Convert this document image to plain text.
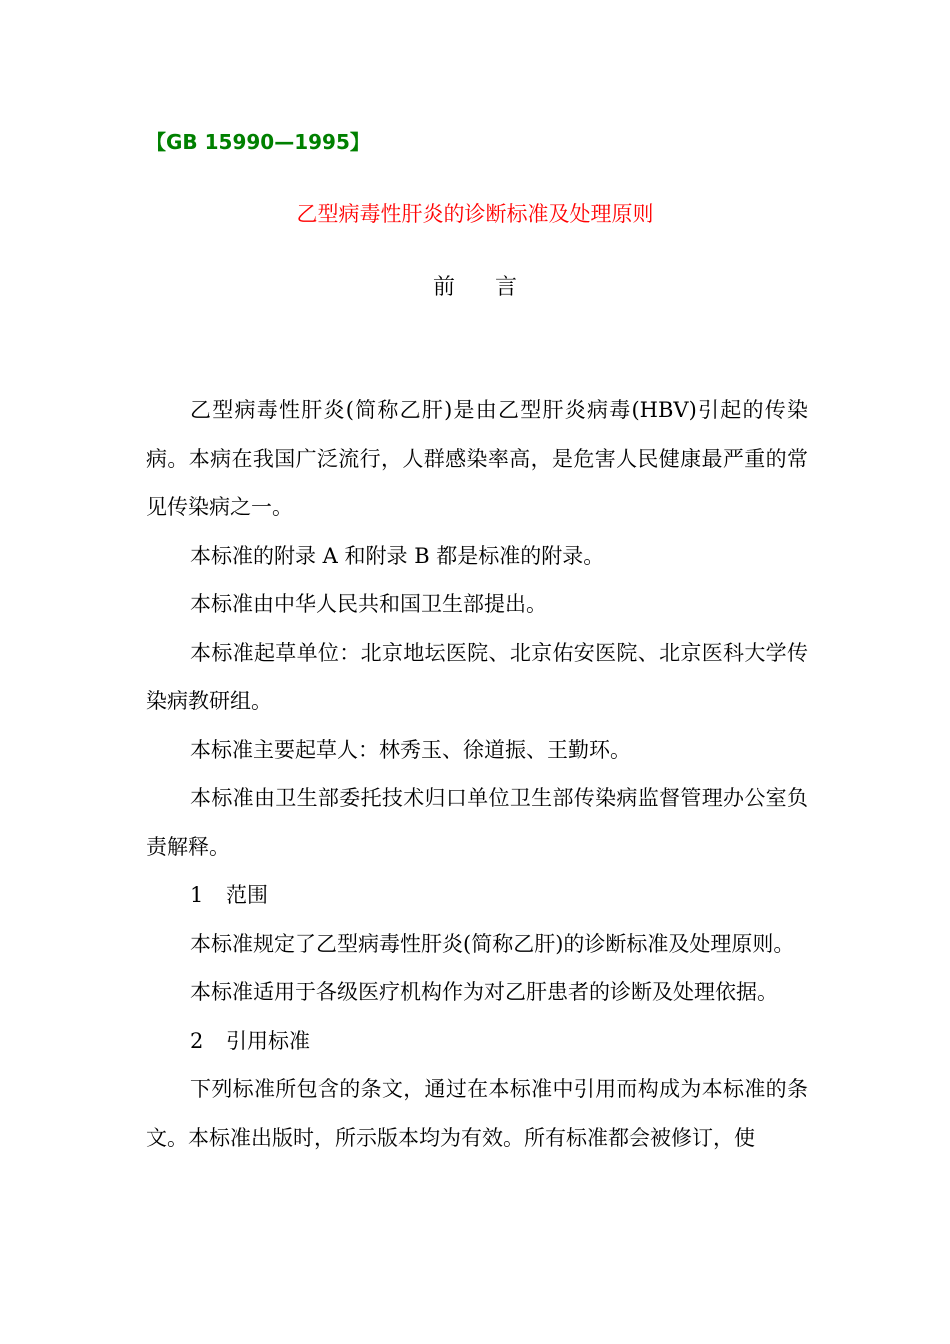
【GB 15990—1995】
乙型病毒性肝炎的诊断标准及处理原则
前言

乙型病毒性肝炎(简称乙肝)是由乙型肝炎病毒(HBV)引起的传染病。本病在我国广泛流行，人群感染率高，是危害人民健康最严重的常见传染病之一。

本标准的附录 A 和附录 B 都是标准的附录。

本标准由中华人民共和国卫生部提出。

本标准起草单位：北京地坛医院、北京佑安医院、北京医科大学传染病教研组。

本标准主要起草人：林秀玉、徐道振、王勤环。

本标准由卫生部委托技术归口单位卫生部传染病监督管理办公室负责解释。

1 范围

本标准规定了乙型病毒性肝炎(简称乙肝)的诊断标准及处理原则。

本标准适用于各级医疗机构作为对乙肝患者的诊断及处理依据。

2 引用标准

下列标准所包含的条文，通过在本标准中引用而构成为本标准的条文。本标准出版时，所示版本均为有效。所有标准都会被修订，使
